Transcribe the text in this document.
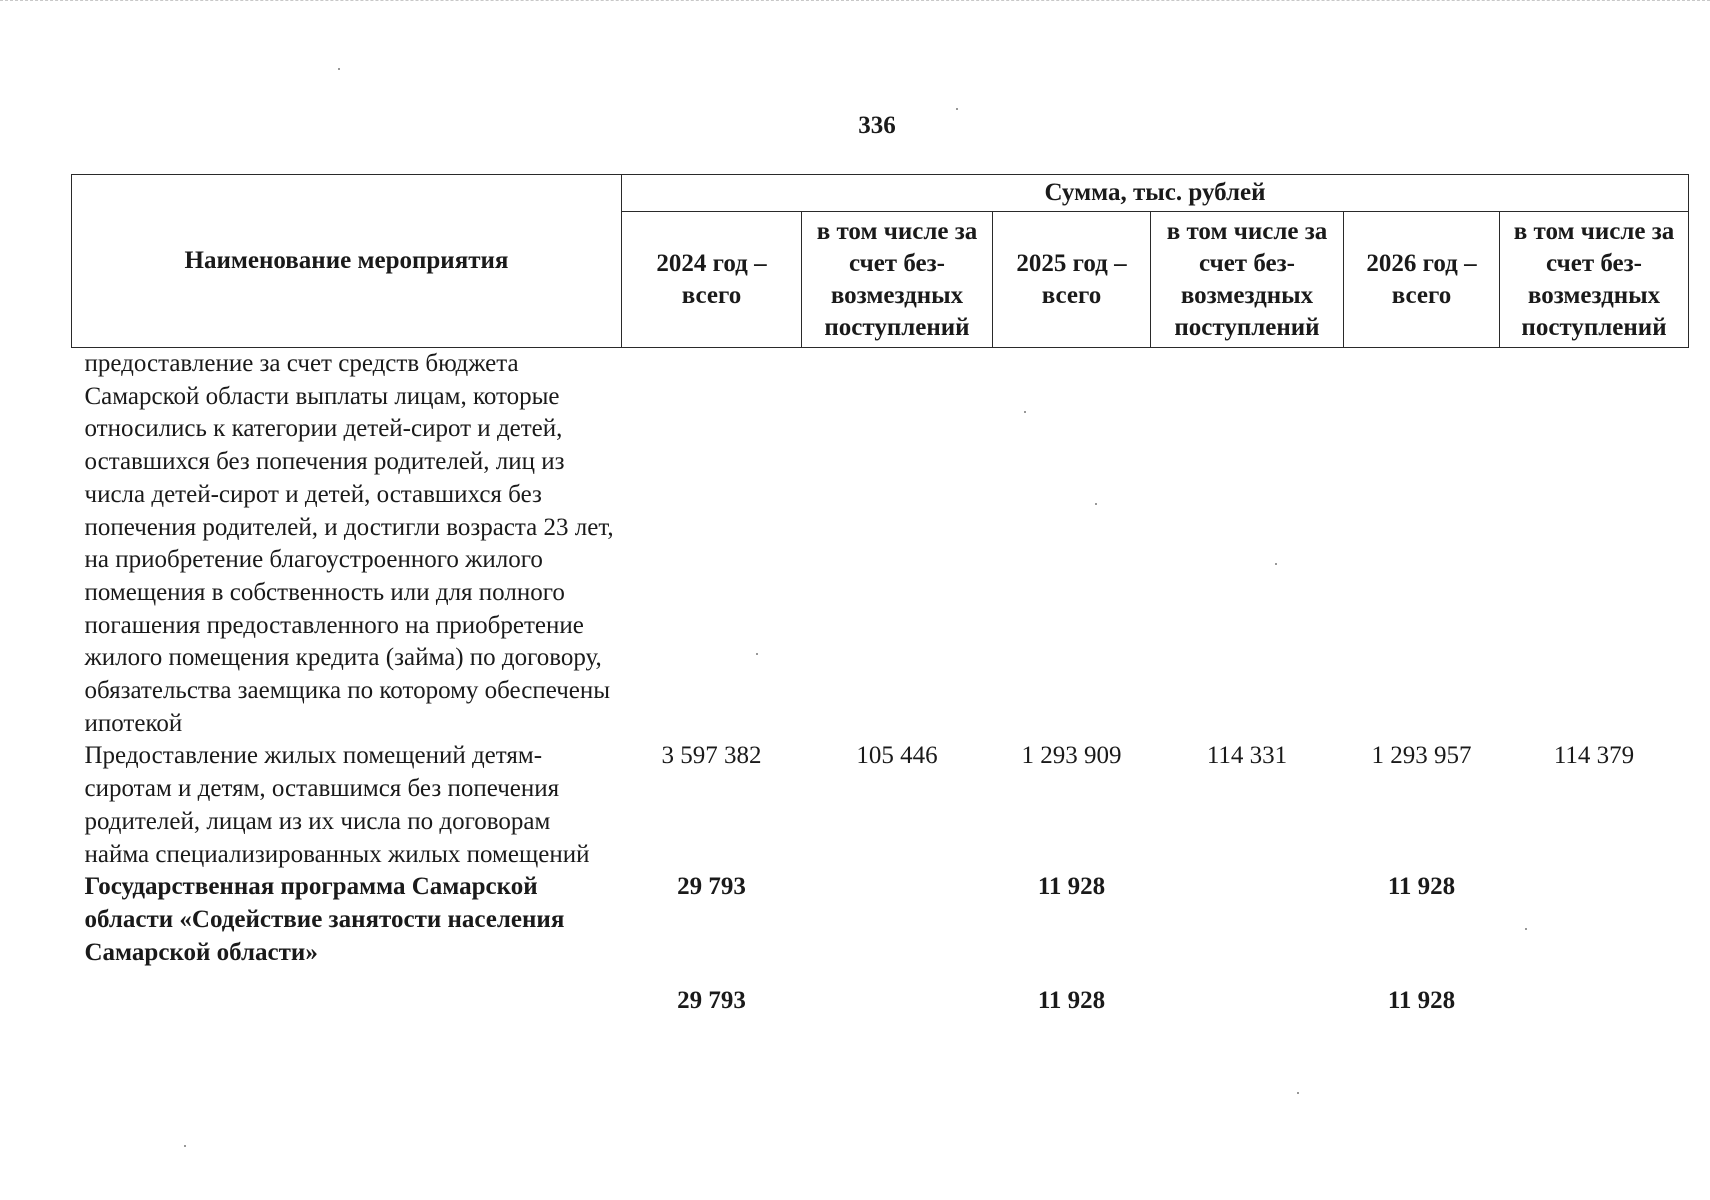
336
Наименование мероприятия	Сумма, тыс. рублей					
	2024 год – всего	в том числе за счет без-возмездных поступлений	2025 год – всего	в том числе за счет без-возмездных поступлений	2026 год – всего	в том числе за счет без-возмездных поступлений
предоставление за счет средств бюджета Самарской области выплаты лицам, которые относились к категории детей-сирот и детей, оставшихся без попечения родителей, лиц из числа детей-сирот и детей, оставшихся без попечения родителей, и достигли возраста 23 лет, на приобретение благоустроенного жилого помещения в собственность или для полного погашения предоставленного на приобретение жилого помещения кредита (займа) по договору, обязательства заемщика по которому обеспечены ипотекой						
Предоставление жилых помещений детям-сиротам и детям, оставшимся без попечения родителей, лицам из их числа по договорам найма специализированных жилых помещений	3 597 382	105 446	1 293 909	114 331	1 293 957	114 379
Государственная программа Самарской области «Содействие занятости населения Самарской области»	29 793		11 928		11 928	
	29 793		11 928		11 928	
